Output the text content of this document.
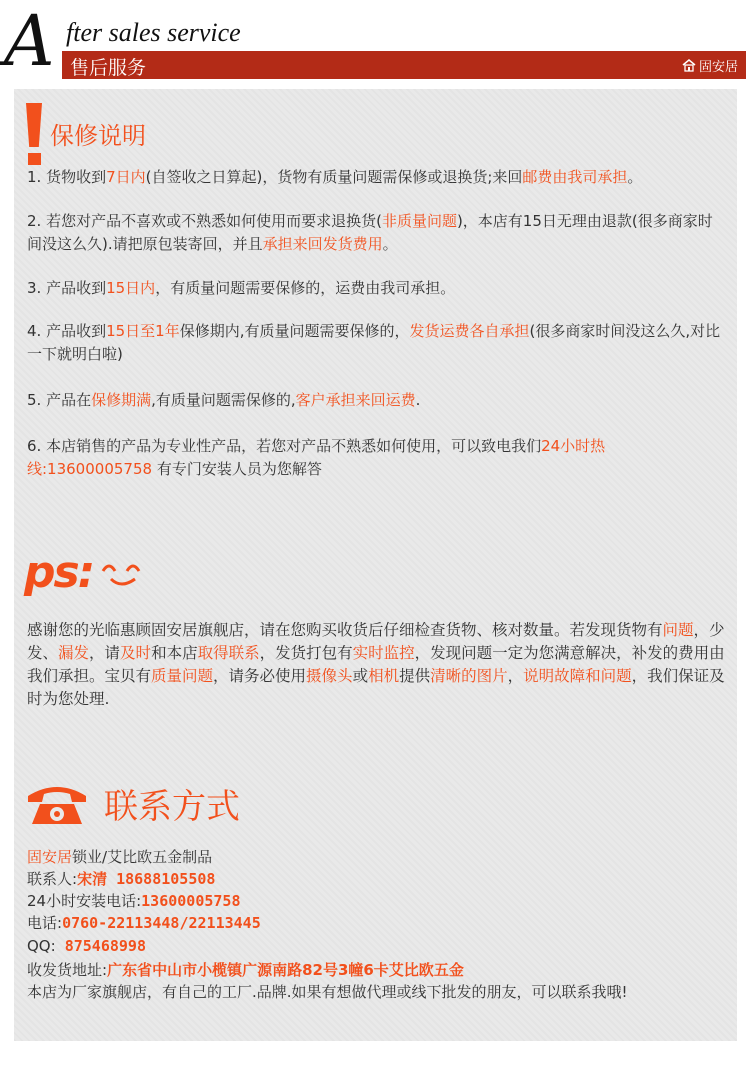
A fter sales service
售后服务	固安居
保修说明
1. 货物收到7日内(自签收之日算起)，货物有质量问题需保修或退换货;来回邮费由我司承担。
2. 若您对产品不喜欢或不熟悉如何使用而要求退换货(非质量问题)，本店有15日无理由退款(很多商家时间没这么久).请把原包装寄回，并且承担来回发货费用。
3. 产品收到15日内，有质量问题需要保修的，运费由我司承担。
4. 产品收到15日至1年保修期内,有质量问题需要保修的，发货运费各自承担(很多商家时间没这么久,对比一下就明白啦)
5. 产品在保修期满,有质量问题需保修的,客户承担来回运费.
6. 本店销售的产品为专业性产品，若您对产品不熟悉如何使用，可以致电我们24小时热线:13600005758 有专门安装人员为您解答
ps:
感谢您的光临惠顾固安居旗舰店，请在您购买收货后仔细检查货物、核对数量。若发现货物有问题，少发、漏发，请及时和本店取得联系，发货打包有实时监控，发现问题一定为您满意解决，补发的费用由我们承担。宝贝有质量问题，请务必使用摄像头或相机提供清晰的图片，说明故障和问题，我们保证及时为您处理.
联系方式
固安居锁业/艾比欧五金制品
联系人:宋清 18688105508
24小时安装电话:13600005758
电话:0760-22113448/22113445
QQ: 875468998
收发货地址:广东省中山市小榄镇广源南路82号3幢6卡艾比欧五金
本店为厂家旗舰店，有自己的工厂.品牌.如果有想做代理或线下批发的朋友，可以联系我哦!
